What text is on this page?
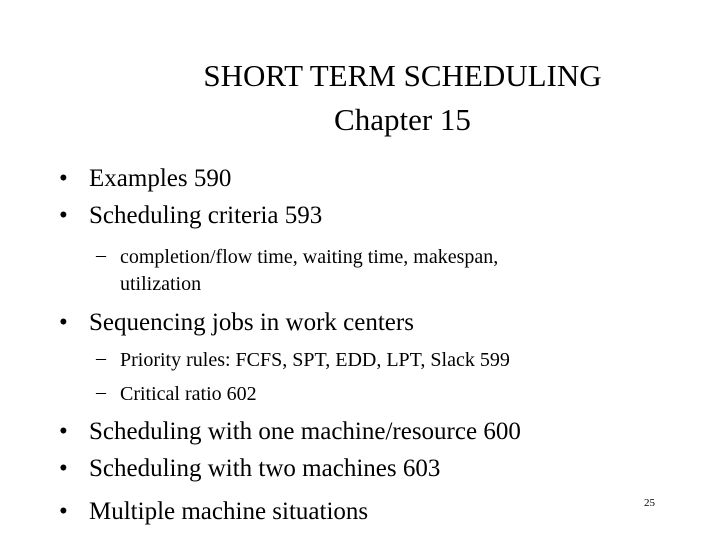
SHORT TERM SCHEDULING
Chapter 15
• Examples 590
• Scheduling criteria 593
– completion/flow time, waiting time, makespan,
utilization
• Sequencing jobs in work centers
– Priority rules: FCFS, SPT, EDD, LPT, Slack 599
– Critical ratio 602
• Scheduling with one machine/resource 600
• Scheduling with two machines 603
• Multiple machine situations	25
